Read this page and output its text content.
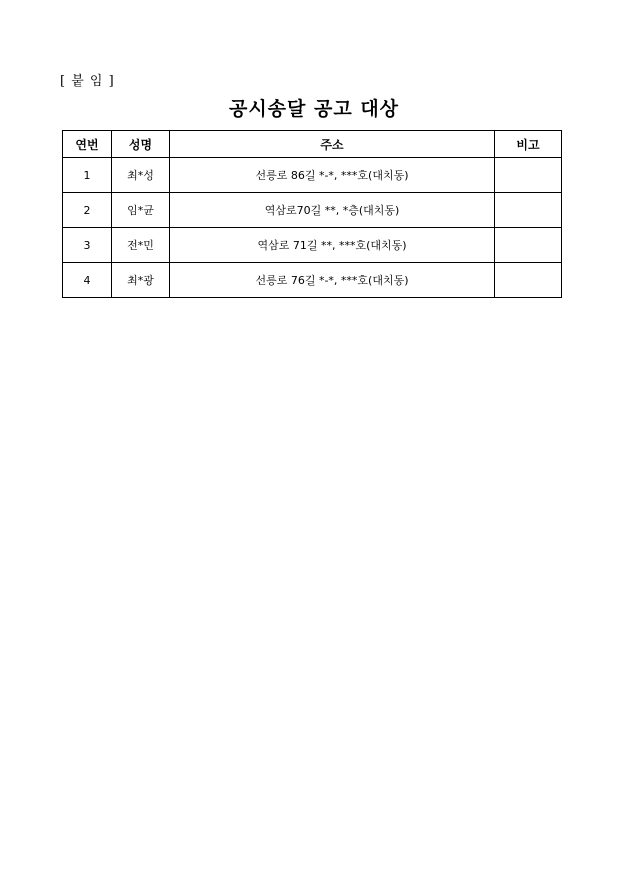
[ 붙 임 ]
공시송달 공고 대상
연번	성명	주소	비고
1	최*성	선릉로 86길 *-*, ***호(대치동)	
2	임*균	역삼로70길 **, *층(대치동)	
3	전*민	역삼로 71길 **, ***호(대치동)	
4	최*광	선릉로 76길 *-*, ***호(대치동)	
